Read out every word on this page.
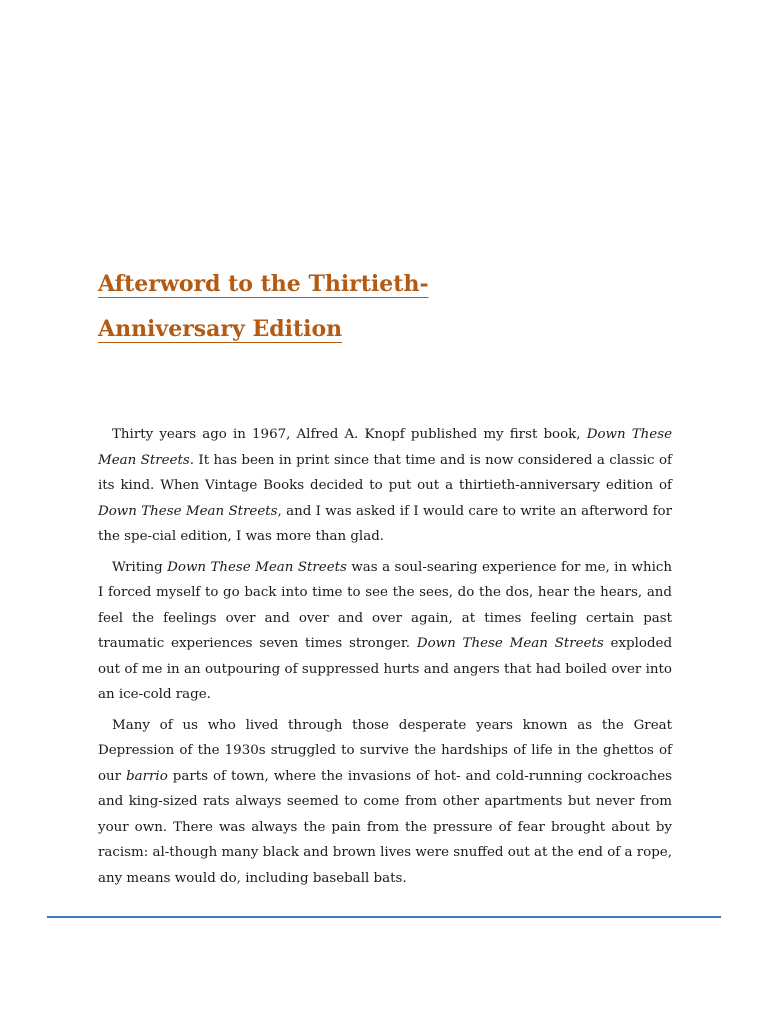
Afterword to the Thirtieth-
Anniversary Edition

Thirty years ago in 1967, Alfred A. Knopf published my first book, Down These Mean Streets. It has been in print since that time and is now considered a classic of its kind. When Vintage Books decided to put out a thirtieth-anniversary edition of Down These Mean Streets, and I was asked if I would care to write an afterword for the spe-cial edition, I was more than glad.

Writing Down These Mean Streets was a soul-searing experience for me, in which I forced myself to go back into time to see the sees, do the dos, hear the hears, and feel the feelings over and over and over again, at times feeling certain past traumatic experiences seven times stronger. Down These Mean Streets exploded out of me in an outpouring of suppressed hurts and angers that had boiled over into an ice-cold rage.

Many of us who lived through those desperate years known as the Great Depression of the 1930s struggled to survive the hardships of life in the ghettos of our barrio parts of town, where the invasions of hot- and cold-running cockroaches and king-sized rats always seemed to come from other apartments but never from your own. There was always the pain from the pressure of fear brought about by racism: al-though many black and brown lives were snuffed out at the end of a rope, any means would do, including baseball bats.
